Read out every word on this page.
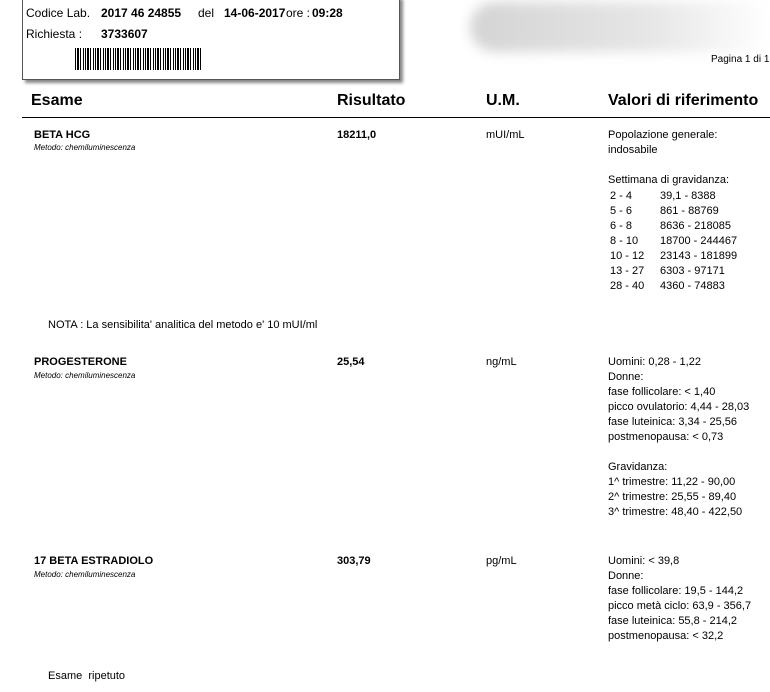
Codice Lab. 2017 46 24855 del 14-06-2017 ore : 09:28
Richiesta : 3733607
Pagina 1 di 1
Esame	Risultato	U.M.	Valori di riferimento
BETA HCG
Metodo: chemiluminescenza
18211,0	mUI/mL	Popolazione generale:
indosabile
Settimana di gravidanza:
2 - 4	39,1 - 8388
5 - 6	861 - 88769
6 - 8	8636 - 218085
8 - 10	18700 - 244467
10 - 12	23143 - 181899
13 - 27	6303 - 97171
28 - 40	4360 - 74883
NOTA : La sensibilita' analitica del metodo e' 10 mUI/ml
PROGESTERONE
Metodo: chemiluminescenza
25,54	ng/mL	Uomini: 0,28 - 1,22
Donne:
fase follicolare: < 1,40
picco ovulatorio: 4,44 - 28,03
fase luteinica: 3,34 - 25,56
postmenopausa: < 0,73
Gravidanza:
1^ trimestre: 11,22 - 90,00
2^ trimestre: 25,55 - 89,40
3^ trimestre: 48,40 - 422,50
17 BETA ESTRADIOLO
Metodo: chemiluminescenza
303,79	pg/mL	Uomini: < 39,8
Donne:
fase follicolare: 19,5 - 144,2
picco metà ciclo: 63,9 - 356,7
fase luteinica: 55,8 - 214,2
postmenopausa: < 32,2
Esame  ripetuto
